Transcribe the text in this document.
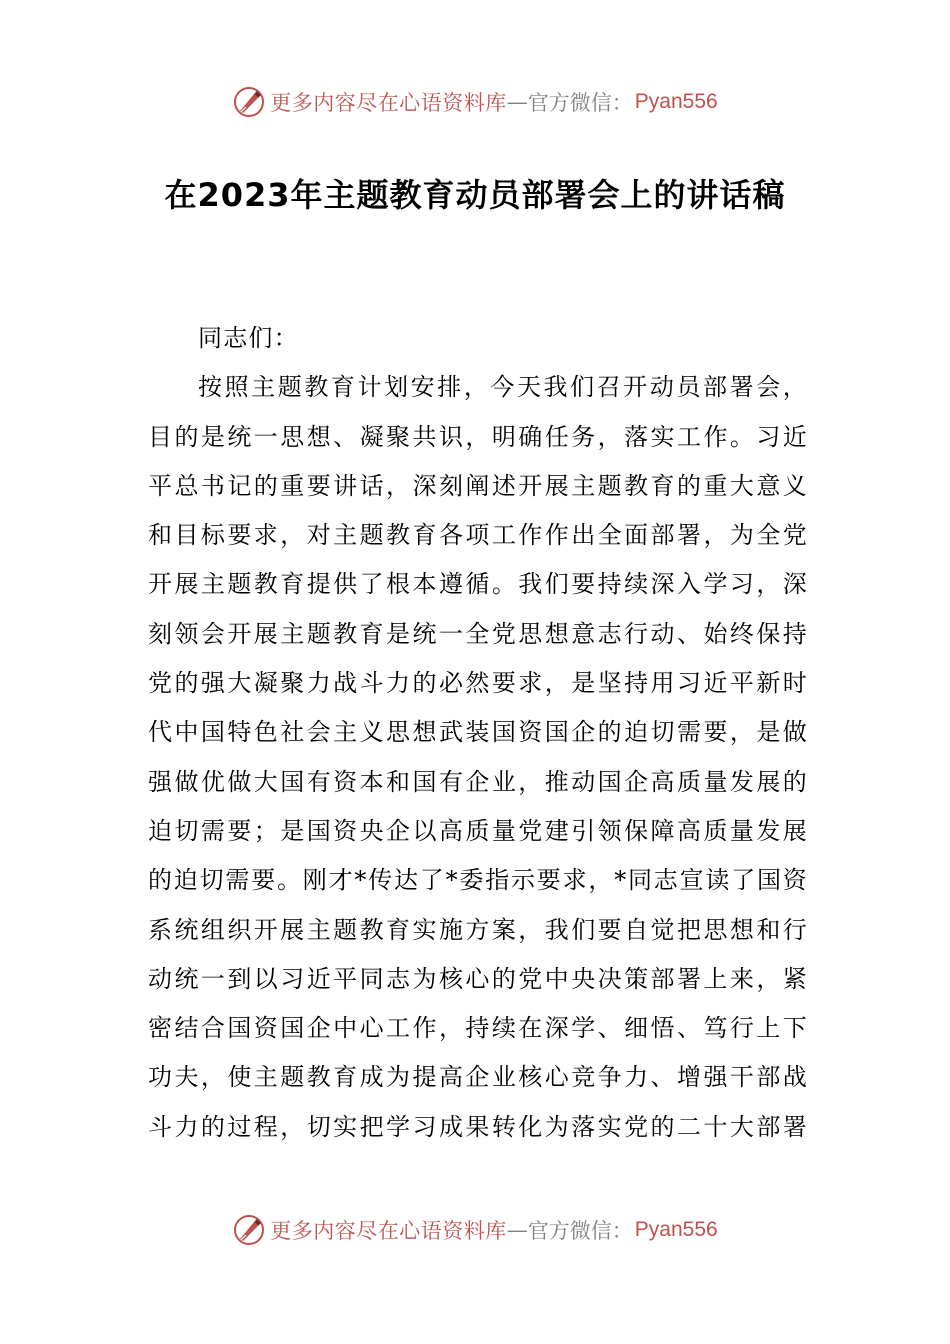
更多内容尽在心语资料库 — 官方微信： Pyan556
在2023年主题教育动员部署会上的讲话稿
同志们：
按照主题教育计划安排，今天我们召开动员部署会，
目的是统一思想、凝聚共识，明确任务，落实工作。习近
平总书记的重要讲话，深刻阐述开展主题教育的重大意义
和目标要求，对主题教育各项工作作出全面部署，为全党
开展主题教育提供了根本遵循。我们要持续深入学习，深
刻领会开展主题教育是统一全党思想意志行动、始终保持
党的强大凝聚力战斗力的必然要求，是坚持用习近平新时
代中国特色社会主义思想武装国资国企的迫切需要，是做
强做优做大国有资本和国有企业，推动国企高质量发展的
迫切需要；是国资央企以高质量党建引领保障高质量发展
的迫切需要。刚才*传达了*委指示要求，*同志宣读了国资
系统组织开展主题教育实施方案，我们要自觉把思想和行
动统一到以习近平同志为核心的党中央决策部署上来，紧
密结合国资国企中心工作，持续在深学、细悟、笃行上下
功夫，使主题教育成为提高企业核心竞争力、增强干部战
斗力的过程，切实把学习成果转化为落实党的二十大部署
更多内容尽在心语资料库 — 官方微信： Pyan556
